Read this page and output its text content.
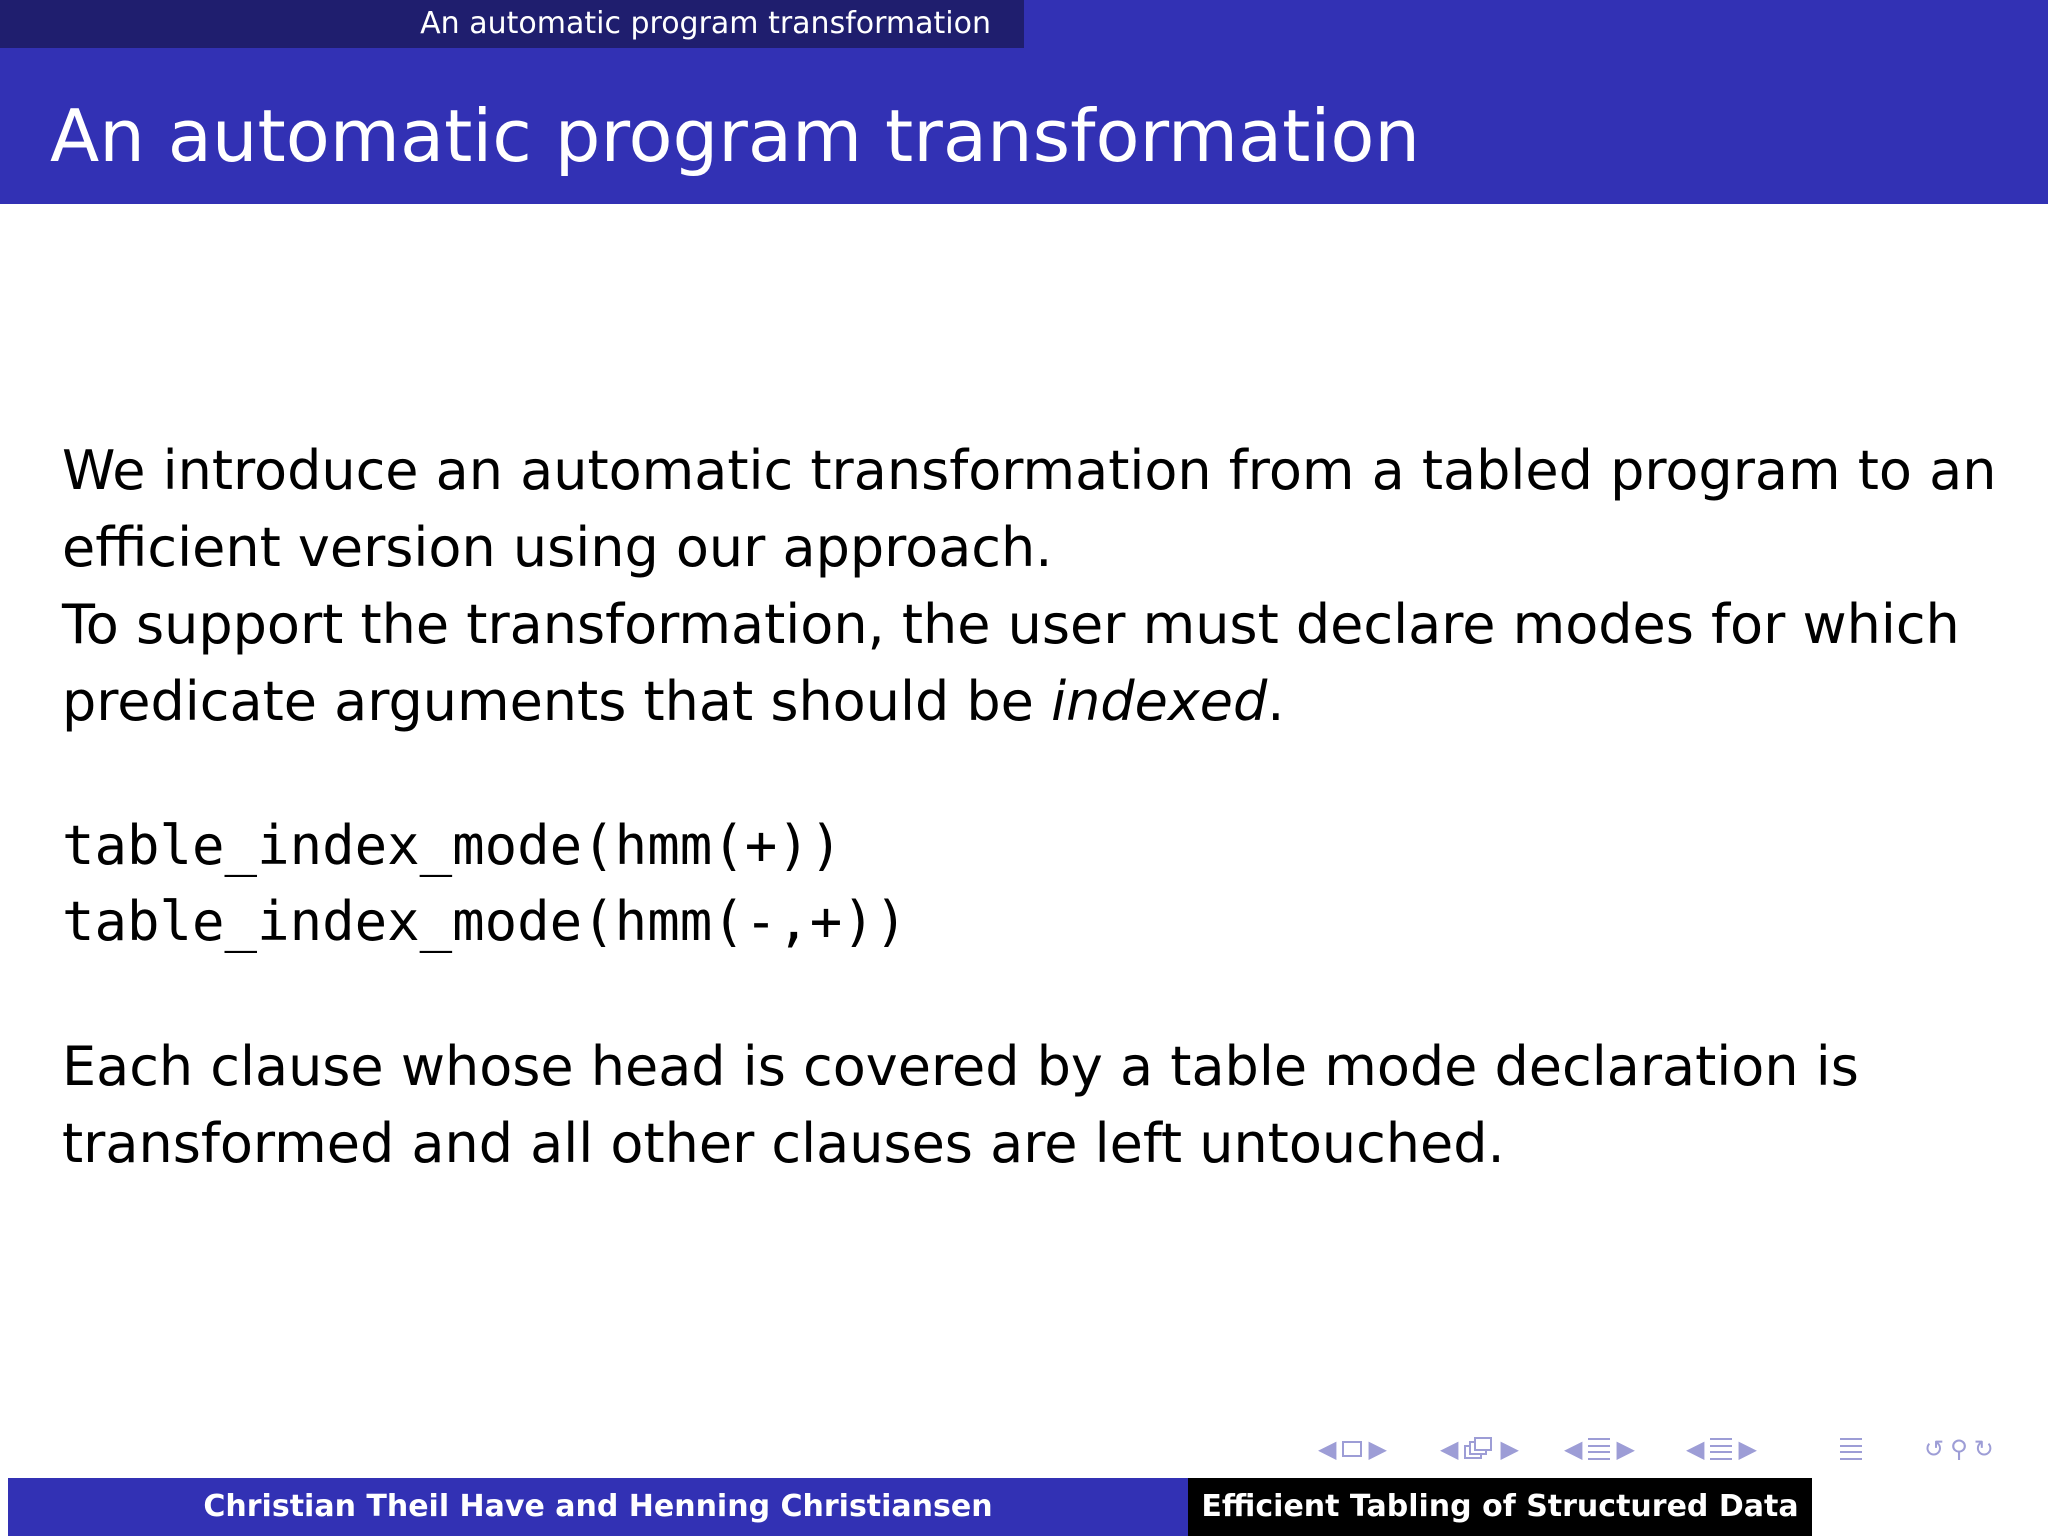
An automatic program transformation
An automatic program transformation

We introduce an automatic transformation from a tabled program to an
efficient version using our approach.
To support the transformation, the user must declare modes for which
predicate arguments that should be indexed.

table_index_mode(hmm(+))
table_index_mode(hmm(-,+))

Each clause whose head is covered by a table mode declaration is
transformed and all other clauses are left untouched.

◀ ▶ ◀ ▶ ◀ ▶ ◀ ▶	↺ ⚲ ↻
Christian Theil Have and Henning Christiansen	Efficient Tabling of Structured Data
